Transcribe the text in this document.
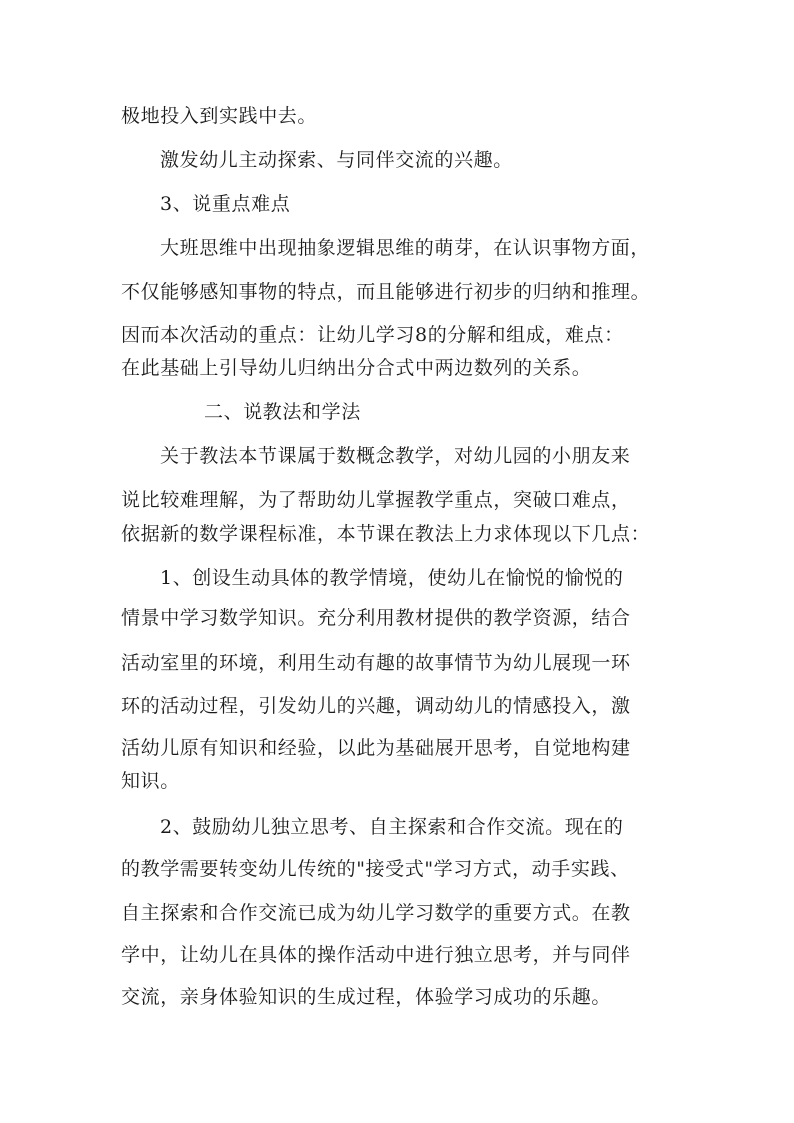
极地投入到实践中去。
激发幼儿主动探索、与同伴交流的兴趣。
3、说重点难点
大班思维中出现抽象逻辑思维的萌芽，在认识事物方面，
不仅能够感知事物的特点，而且能够进行初步的归纳和推理。
因而本次活动的重点：让幼儿学习8的分解和组成，难点：
在此基础上引导幼儿归纳出分合式中两边数列的关系。
二、说教法和学法
关于教法本节课属于数概念教学，对幼儿园的小朋友来
说比较难理解，为了帮助幼儿掌握教学重点，突破口难点，
依据新的数学课程标准，本节课在教法上力求体现以下几点：
1、创设生动具体的教学情境，使幼儿在愉悦的愉悦的
情景中学习数学知识。充分利用教材提供的教学资源，结合
活动室里的环境，利用生动有趣的故事情节为幼儿展现一环
环的活动过程，引发幼儿的兴趣，调动幼儿的情感投入，激
活幼儿原有知识和经验，以此为基础展开思考，自觉地构建
知识。
2、鼓励幼儿独立思考、自主探索和合作交流。现在的
的教学需要转变幼儿传统的"接受式"学习方式，动手实践、
自主探索和合作交流已成为幼儿学习数学的重要方式。在教
学中，让幼儿在具体的操作活动中进行独立思考，并与同伴
交流，亲身体验知识的生成过程，体验学习成功的乐趣。
